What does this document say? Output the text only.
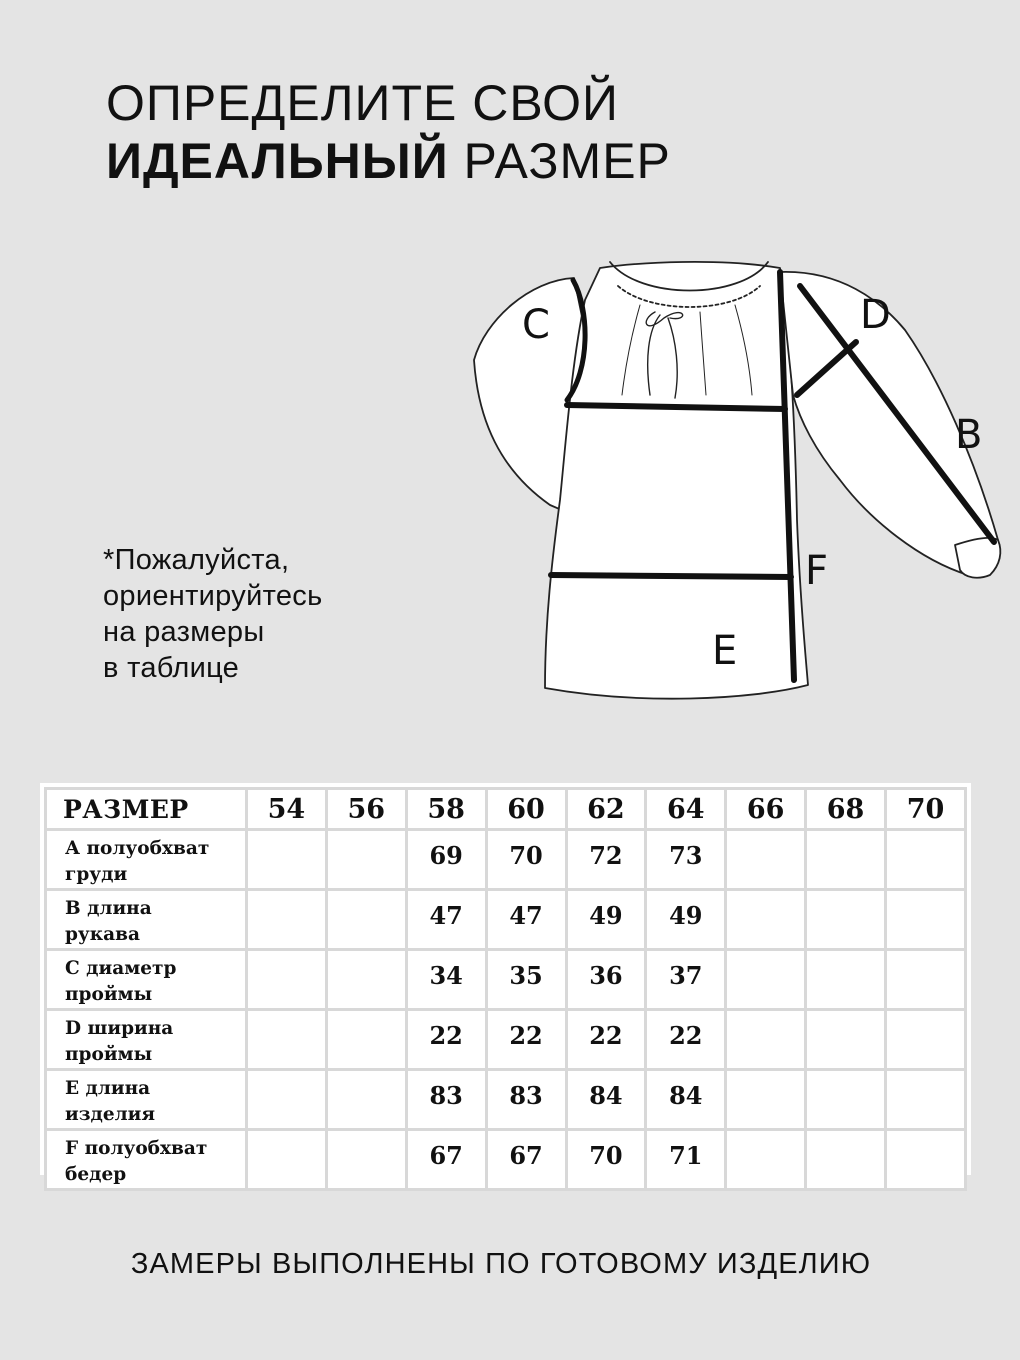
ОПРЕДЕЛИТЕ СВОЙ
ИДЕАЛЬНЫЙ РАЗМЕР
*Пожалуйста,
ориентируйтесь
на размеры
в таблице
C	D
B
F
E
РАЗМЕР	54	56	58	60	62	64	66	68	70

А полуобхват
груди			69	70	72	73			

В длина
рукава			47	47	49	49			

С диаметр
проймы			34	35	36	37			

D ширина
проймы			22	22	22	22			

Е длина
изделия			83	83	84	84			

F полуобхват
бедер			67	67	70	71			
ЗАМЕРЫ ВЫПОЛНЕНЫ ПО ГОТОВОМУ ИЗДЕЛИЮ
